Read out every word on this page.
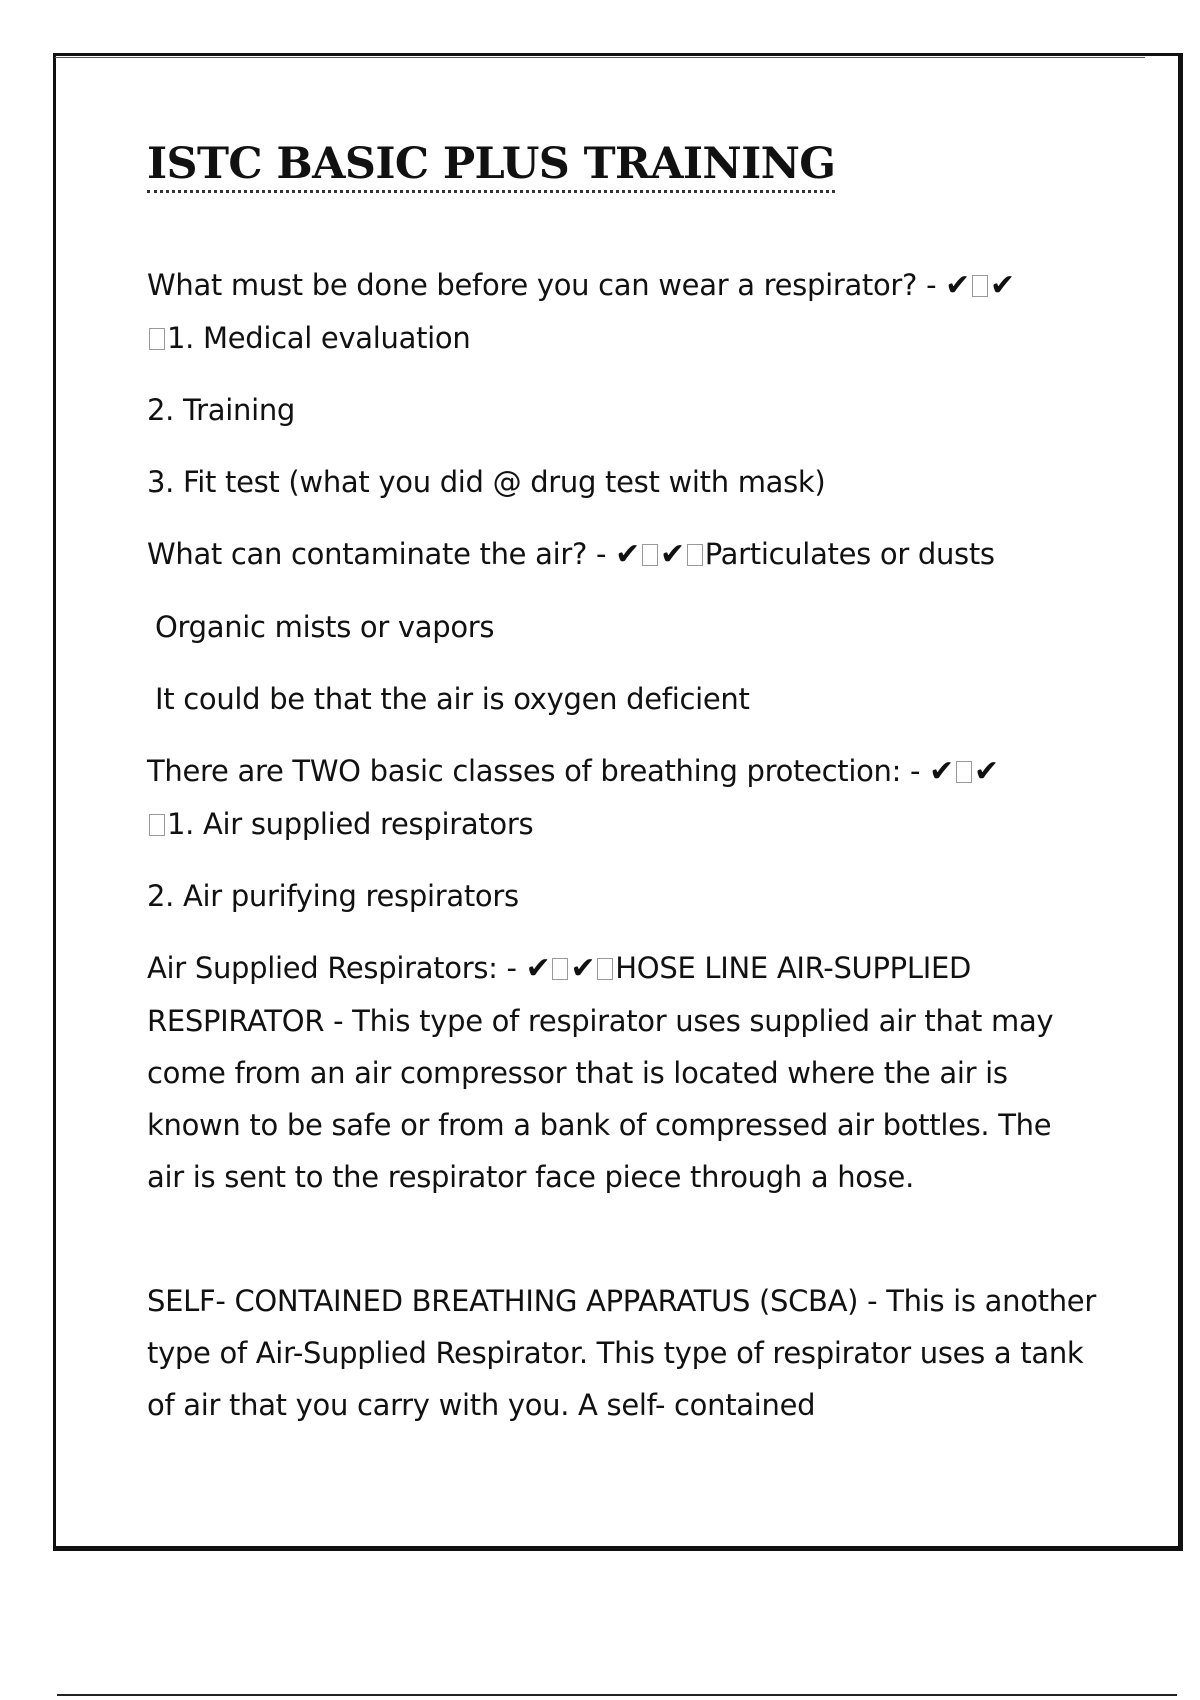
ISTC BASIC PLUS TRAINING

What must be done before you can wear a respirator? - ✔ ✔
1. Medical evaluation

2. Training

3. Fit test (what you did @ drug test with mask)

What can contaminate the air? - ✔ ✔ Particulates or dusts

Organic mists or vapors

It could be that the air is oxygen deficient

There are TWO basic classes of breathing protection: - ✔ ✔
1. Air supplied respirators

2. Air purifying respirators

Air Supplied Respirators: - ✔ ✔ HOSE LINE AIR-SUPPLIED RESPIRATOR - This type of respirator uses supplied air that may come from an air compressor that is located where the air is known to be safe or from a bank of compressed air bottles. The air is sent to the respirator face piece through a hose.

SELF- CONTAINED BREATHING APPARATUS (SCBA) - This is another type of Air-Supplied Respirator. This type of respirator uses a tank of air that you carry with you. A self- contained
